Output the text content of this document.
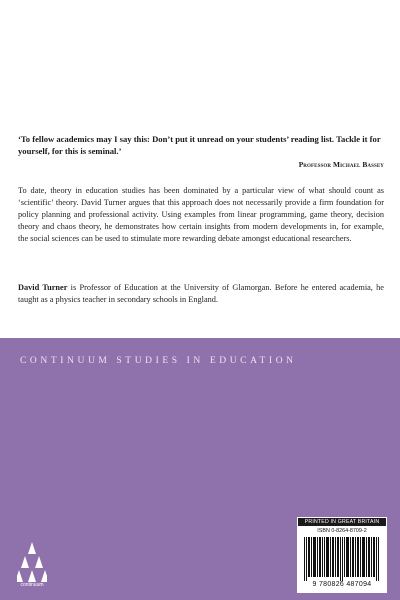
‘To fellow academics may I say this: Don’t put it unread on your students’ reading list. Tackle it for yourself, for this is seminal.’
Professor Michael Bassey
To date, theory in education studies has been dominated by a particular view of what should count as ‘scientific’ theory. David Turner argues that this approach does not necessarily provide a firm foundation for policy planning and professional activity. Using examples from linear programming, game theory, decision theory and chaos theory, he demonstrates how certain insights from modern developments in, for example, the social sciences can be used to stimulate more rewarding debate amongst educational researchers.
David Turner is Professor of Education at the University of Glamorgan. Before he entered academia, he taught as a physics teacher in secondary schools in England.
CONTINUUM STUDIES IN EDUCATION
continuum
PRINTED IN GREAT BRITAIN
ISBN 0-8264-8709-2
9 780826 487094
